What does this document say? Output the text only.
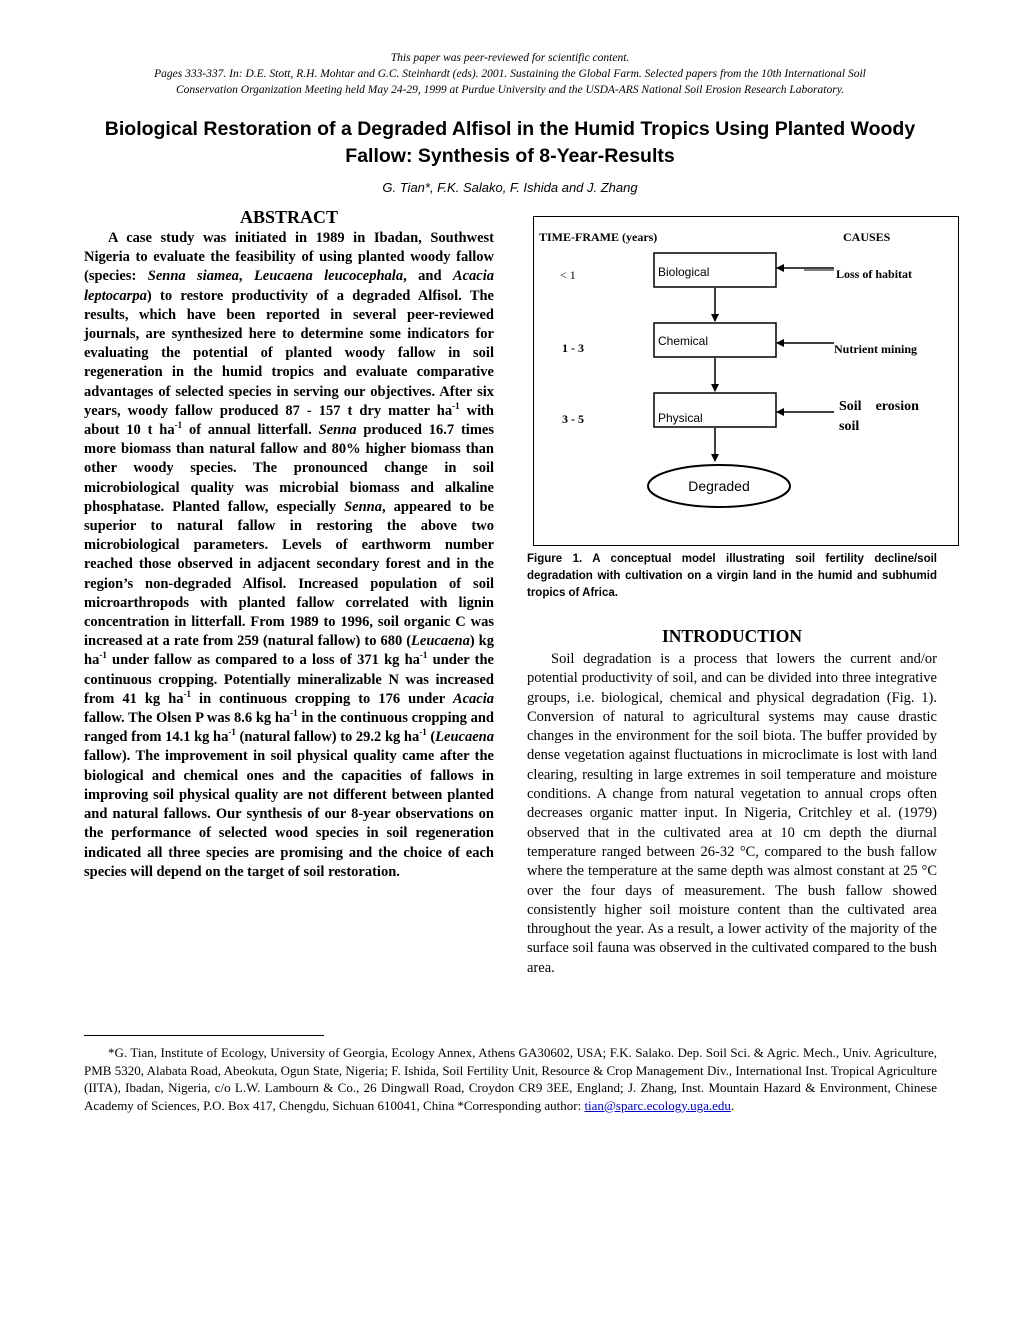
This paper was peer-reviewed for scientific content.
Pages 333-337. In: D.E. Stott, R.H. Mohtar and G.C. Steinhardt (eds). 2001. Sustaining the Global Farm. Selected papers from the 10th International Soil
Conservation Organization Meeting held May 24-29, 1999 at Purdue University and the USDA-ARS National Soil Erosion Research Laboratory.
Biological Restoration of a Degraded Alfisol in the Humid Tropics Using Planted Woody Fallow: Synthesis of 8-Year-Results
G. Tian*, F.K. Salako, F. Ishida and J. Zhang
ABSTRACT
A case study was initiated in 1989 in Ibadan, Southwest Nigeria to evaluate the feasibility of using planted woody fallow (species: Senna siamea, Leucaena leucocephala, and Acacia leptocarpa) to restore productivity of a degraded Alfisol. The results, which have been reported in several peer-reviewed journals, are synthesized here to determine some indicators for evaluating the potential of planted woody fallow in soil regeneration in the humid tropics and evaluate comparative advantages of selected species in serving our objectives. After six years, woody fallow produced 87 - 157 t dry matter $ha^{-1}$ with about 10 t $ha^{-1}$ of annual litterfall. Senna produced 16.7 times more biomass than natural fallow and 80% higher biomass than other woody species. The pronounced change in soil microbiological quality was microbial biomass and alkaline phosphatase. Planted fallow, especially Senna, appeared to be superior to natural fallow in restoring the above two microbiological parameters. Levels of earthworm number reached those observed in adjacent secondary forest and in the region’s non-degraded Alfisol. Increased population of soil microarthropods with planted fallow correlated with lignin concentration in litterfall. From 1989 to 1996, soil organic C was increased at a rate from 259 (natural fallow) to 680 (Leucaena) kg $ha^{-1}$ under fallow as compared to a loss of 371 kg $ha^{-1}$ under the continuous cropping. Potentially mineralizable N was increased from 41 kg $ha^{-1}$ in continuous cropping to 176 under Acacia fallow. The Olsen P was 8.6 kg $ha^{-1}$ in the continuous cropping and ranged from 14.1 kg $ha^{-1}$ (natural fallow) to 29.2 kg $ha^{-1}$ (Leucaena fallow). The improvement in soil physical quality came after the biological and chemical ones and the capacities of fallows in improving soil physical quality are not different between planted and natural fallows. Our synthesis of our 8-year observations on the performance of selected wood species in soil regeneration indicated all three species are promising and the choice of each species will depend on the target of soil restoration.
TIME-FRAME (years)	CAUSES
< 1	Biological	Loss of habitat
1 - 3	Chemical
Nutrient mining
3 - 5	Physical
Soil    erosion
soil
Degraded
Figure 1. A conceptual model illustrating soil fertility decline/soil degradation with cultivation on a virgin land in the humid and subhumid tropics of Africa.
INTRODUCTION
Soil degradation is a process that lowers the current and/or potential productivity of soil, and can be divided into three integrative groups, i.e. biological, chemical and physical degradation (Fig. 1). Conversion of natural to agricultural systems may cause drastic changes in the environment for the soil biota. The buffer provided by dense vegetation against fluctuations in microclimate is lost with land clearing, resulting in large extremes in soil temperature and moisture conditions. A change from natural vegetation to annual crops often decreases organic matter input. In Nigeria, Critchley et al. (1979) observed that in the cultivated area at 10 cm depth the diurnal temperature ranged between 26-32 °C, compared to the bush fallow where the temperature at the same depth was almost constant at 25 °C over the four days of measurement. The bush fallow showed consistently higher soil moisture content than the cultivated area throughout the year. As a result, a lower activity of the majority of the surface soil fauna was observed in the cultivated compared to the bush area.
*G. Tian, Institute of Ecology, University of Georgia, Ecology Annex, Athens GA30602, USA; F.K. Salako. Dep. Soil Sci. & Agric. Mech., Univ. Agriculture, PMB 5320, Alabata Road, Abeokuta, Ogun State, Nigeria; F. Ishida, Soil Fertility Unit, Resource & Crop Management Div., International Inst. Tropical Agriculture (IITA), Ibadan, Nigeria, c/o L.W. Lambourn & Co., 26 Dingwall Road, Croydon CR9 3EE, England; J. Zhang, Inst. Mountain Hazard & Environment, Chinese Academy of Sciences, P.O. Box 417, Chengdu, Sichuan 610041, China *Corresponding author: tian@sparc.ecology.uga.edu.
